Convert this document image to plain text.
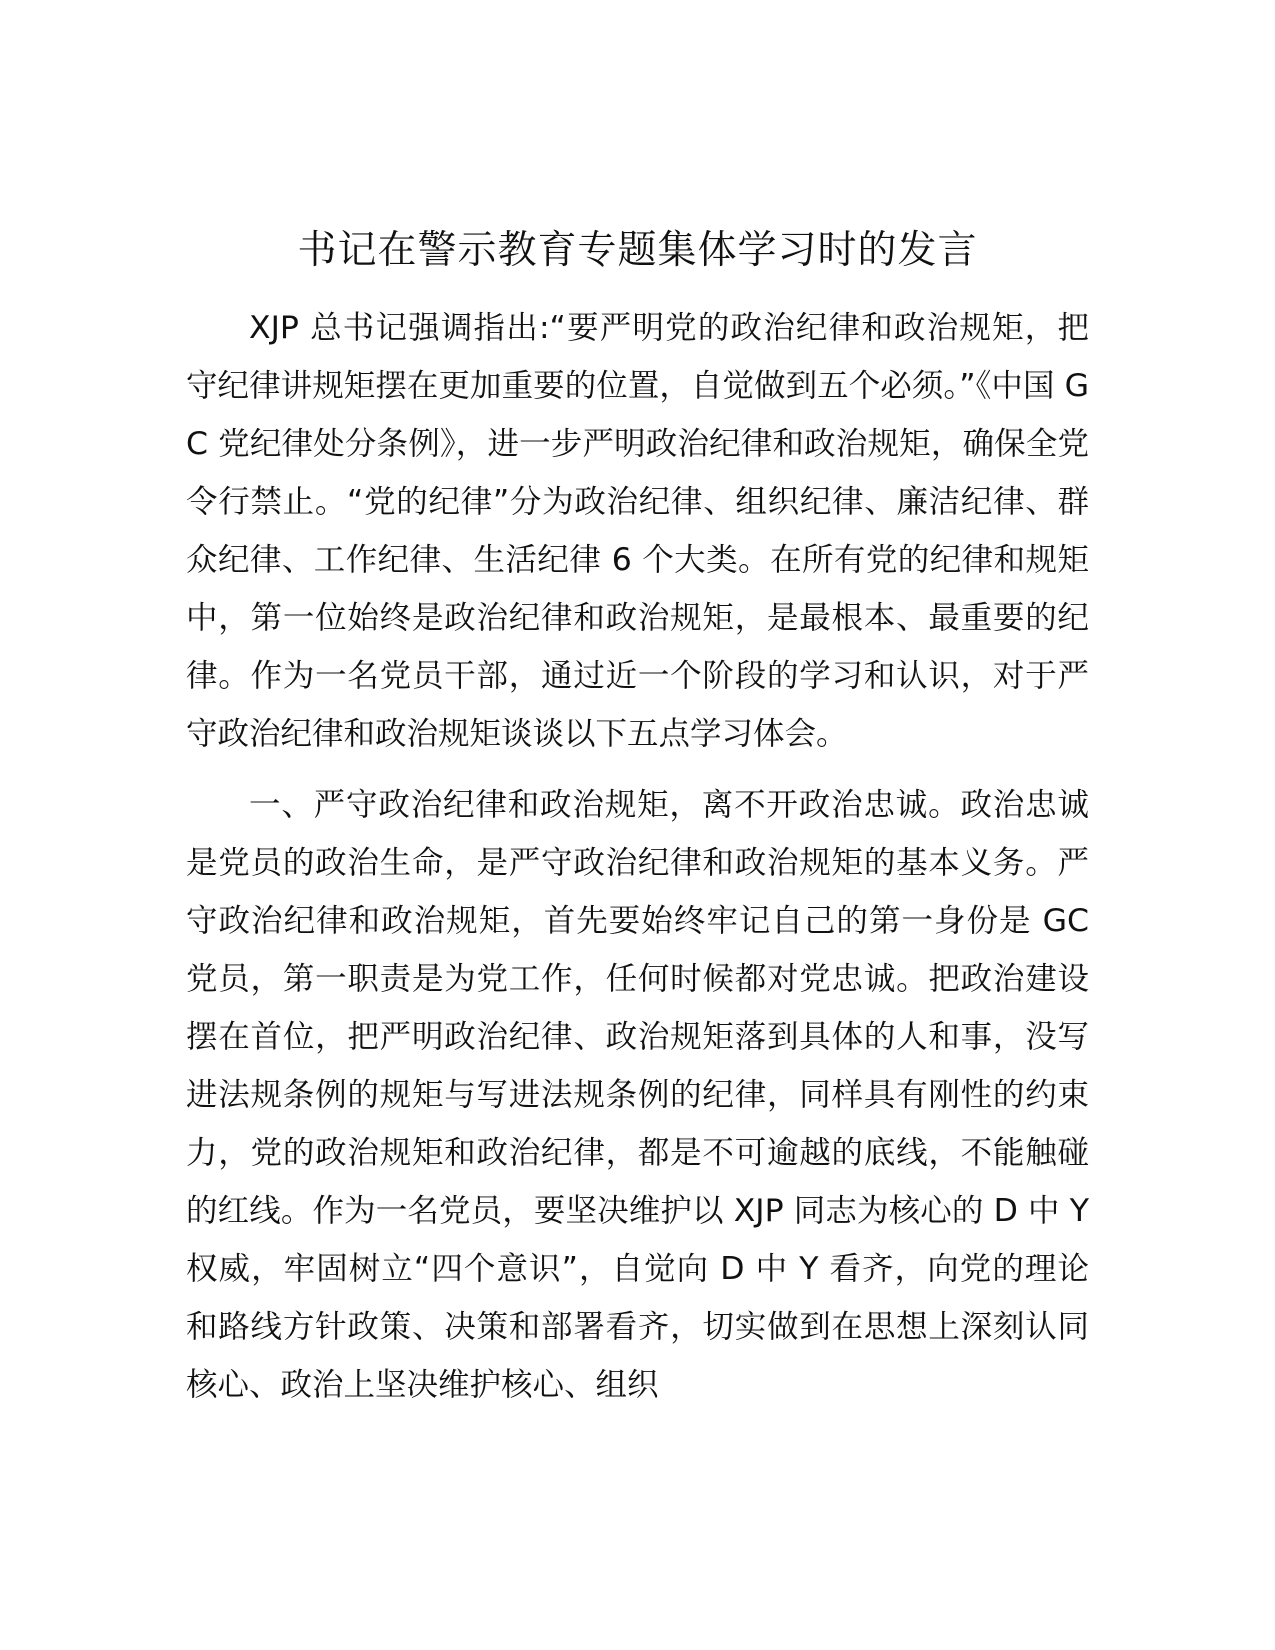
书记在警示教育专题集体学习时的发言

XJP 总书记强调指出:“要严明党的政治纪律和政治规矩，把守纪律讲规矩摆在更加重要的位置，自觉做到五个必须。”《中国 GC 党纪律处分条例》，进一步严明政治纪律和政治规矩，确保全党令行禁止。“党的纪律”分为政治纪律、组织纪律、廉洁纪律、群众纪律、工作纪律、生活纪律 6 个大类。在所有党的纪律和规矩中，第一位始终是政治纪律和政治规矩，是最根本、最重要的纪律。作为一名党员干部，通过近一个阶段的学习和认识，对于严守政治纪律和政治规矩谈谈以下五点学习体会。

一、严守政治纪律和政治规矩，离不开政治忠诚。政治忠诚是党员的政治生命，是严守政治纪律和政治规矩的基本义务。严守政治纪律和政治规矩，首先要始终牢记自己的第一身份是 GC 党员，第一职责是为党工作，任何时候都对党忠诚。把政治建设摆在首位，把严明政治纪律、政治规矩落到具体的人和事，没写进法规条例的规矩与写进法规条例的纪律，同样具有刚性的约束力，党的政治规矩和政治纪律，都是不可逾越的底线，不能触碰的红线。作为一名党员，要坚决维护以 XJP 同志为核心的 D 中 Y 权威，牢固树立“四个意识”，自觉向 D 中 Y 看齐，向党的理论和路线方针政策、决策和部署看齐，切实做到在思想上深刻认同核心、政治上坚决维护核心、组织
